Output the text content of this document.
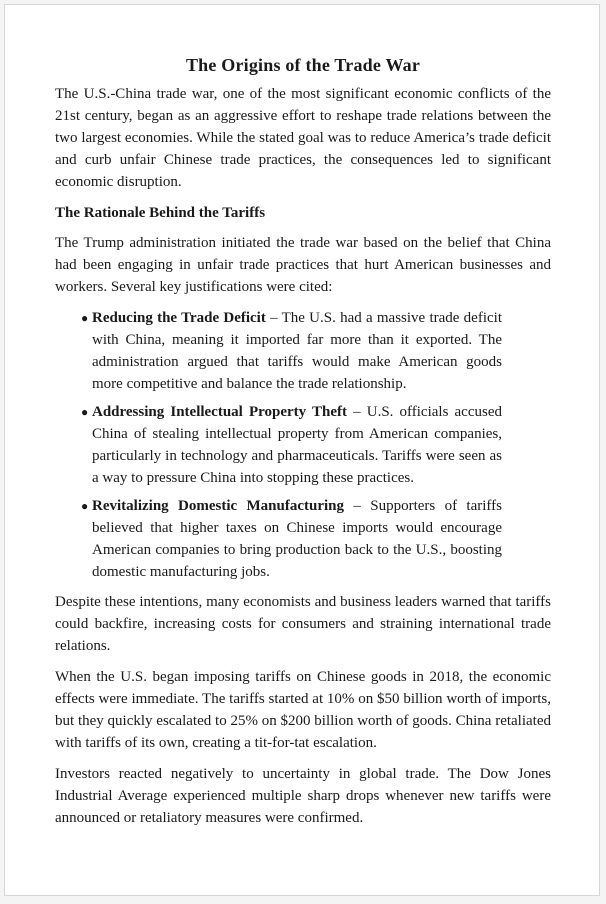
The Origins of the Trade War

The U.S.-China trade war, one of the most significant economic conflicts of the 21st century, began as an aggressive effort to reshape trade relations between the two largest economies. While the stated goal was to reduce America’s trade deficit and curb unfair Chinese trade practices, the consequences led to significant economic disruption.

The Rationale Behind the Tariffs

The Trump administration initiated the trade war based on the belief that China had been engaging in unfair trade practices that hurt American businesses and workers. Several key justifications were cited:

● Reducing the Trade Deficit – The U.S. had a massive trade deficit with China, meaning it imported far more than it exported. The administration argued that tariffs would make American goods more competitive and balance the trade relationship.
● Addressing Intellectual Property Theft – U.S. officials accused China of stealing intellectual property from American companies, particularly in technology and pharmaceuticals. Tariffs were seen as a way to pressure China into stopping these practices.
● Revitalizing Domestic Manufacturing – Supporters of tariffs believed that higher taxes on Chinese imports would encourage American companies to bring production back to the U.S., boosting domestic manufacturing jobs.

Despite these intentions, many economists and business leaders warned that tariffs could backfire, increasing costs for consumers and straining international trade relations.

When the U.S. began imposing tariffs on Chinese goods in 2018, the economic effects were immediate. The tariffs started at 10% on $50 billion worth of imports, but they quickly escalated to 25% on $200 billion worth of goods. China retaliated with tariffs of its own, creating a tit-for-tat escalation.

Investors reacted negatively to uncertainty in global trade. The Dow Jones Industrial Average experienced multiple sharp drops whenever new tariffs were announced or retaliatory measures were confirmed.
